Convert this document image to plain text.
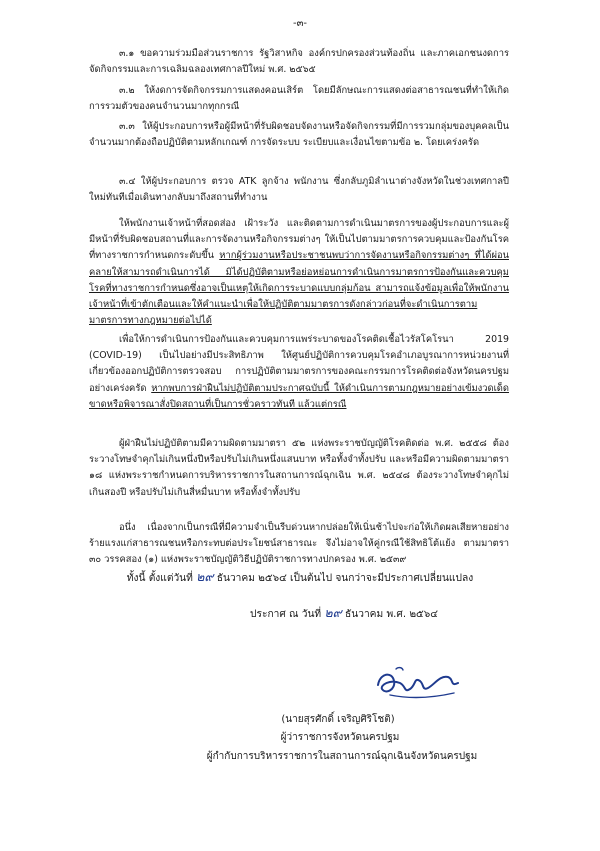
-๓-
๓.๑ ขอความร่วมมือส่วนราชการ รัฐวิสาหกิจ องค์กรปกครองส่วนท้องถิ่น และภาคเอกชนงดการจัดกิจกรรมและการเฉลิมฉลองเทศกาลปีใหม่ พ.ศ. ๒๕๖๕
๓.๒ ให้งดการจัดกิจกรรมการแสดงคอนเสิร์ต โดยมีลักษณะการแสดงต่อสาธารณชนที่ทำให้เกิดการรวมตัวของคนจำนวนมากทุกกรณี
๓.๓ ให้ผู้ประกอบการหรือผู้มีหน้าที่รับผิดชอบจัดงานหรือจัดกิจกรรมที่มีการรวมกลุ่มของบุคคลเป็นจำนวนมากต้องถือปฏิบัติตามหลักเกณฑ์ การจัดระบบ ระเบียบและเงื่อนไขตามข้อ ๒. โดยเคร่งครัด
๓.๔ ให้ผู้ประกอบการ ตรวจ ATK ลูกจ้าง พนักงาน ซึ่งกลับภูมิลำเนาต่างจังหวัดในช่วงเทศกาลปีใหม่ทันทีเมื่อเดินทางกลับมาถึงสถานที่ทำงาน
ให้พนักงานเจ้าหน้าที่สอดส่อง เฝ้าระวัง และติดตามการดำเนินมาตรการของผู้ประกอบการและผู้มีหน้าที่รับผิดชอบสถานที่และการจัดงานหรือกิจกรรมต่างๆ ให้เป็นไปตามมาตรการควบคุมและป้องกันโรคที่ทางราชการกำหนดกระดับขึ้น หากผู้ร่วมงานหรือประชาชนพบว่าการจัดงานหรือกิจกรรมต่างๆ ที่ได้ผ่อนคลายให้สามารถดำเนินการได้ มิได้ปฏิบัติตามหรือย่อหย่อนการดำเนินการมาตรการป้องกันและควบคุมโรคที่ทางราชการกำหนดซึ่งอาจเป็นเหตุให้เกิดการระบาดแบบกลุ่มก้อน สามารถแจ้งข้อมูลเพื่อให้พนักงานเจ้าหน้าที่เข้าตักเตือนและให้คำแนะนำเพื่อให้ปฏิบัติตามมาตรการดังกล่าวก่อนที่จะดำเนินการตามมาตรการทางกฎหมายต่อไปได้
เพื่อให้การดำเนินการป้องกันและควบคุมการแพร่ระบาดของโรคติดเชื้อไวรัสโคโรนา 2019 (COVID-19) เป็นไปอย่างมีประสิทธิภาพ ให้ศูนย์ปฏิบัติการควบคุมโรคอำเภอบูรณาการหน่วยงานที่เกี่ยวข้องออกปฏิบัติการตรวจสอบ การปฏิบัติตามมาตรการของคณะกรรมการโรคติดต่อจังหวัดนครปฐมอย่างเคร่งครัด หากพบการฝ่าฝืนไม่ปฏิบัติตามประกาศฉบับนี้ ให้ดำเนินการตามกฎหมายอย่างเข้มงวดเด็ดขาดหรือพิจารณาสั่งปิดสถานที่เป็นการชั่วคราวทันที แล้วแต่กรณี
ผู้ฝ่าฝืนไม่ปฏิบัติตามมีความผิดตามมาตรา ๕๒ แห่งพระราชบัญญัติโรคติดต่อ พ.ศ. ๒๕๕๘ ต้องระวางโทษจำคุกไม่เกินหนึ่งปีหรือปรับไม่เกินหนึ่งแสนบาท หรือทั้งจำทั้งปรับ และหรือมีความผิดตามมาตรา ๑๘ แห่งพระราชกำหนดการบริหารราชการในสถานการณ์ฉุกเฉิน พ.ศ. ๒๕๔๘ ต้องระวางโทษจำคุกไม่เกินสองปี หรือปรับไม่เกินสี่หมื่นบาท หรือทั้งจำทั้งปรับ
อนึ่ง เนื่องจากเป็นกรณีที่มีความจำเป็นรีบด่วนหากปล่อยให้เนิ่นช้าไปจะก่อให้เกิดผลเสียหายอย่างร้ายแรงแก่สาธารณชนหรือกระทบต่อประโยชน์สาธารณะ จึงไม่อาจให้คู่กรณีใช้สิทธิโต้แย้ง ตามมาตรา ๓๐ วรรคสอง (๑) แห่งพระราชบัญญัติวิธีปฏิบัติราชการทางปกครอง พ.ศ. ๒๕๓๙
ทั้งนี้ ตั้งแต่วันที่ ๒๙ ธันวาคม ๒๕๖๔ เป็นต้นไป จนกว่าจะมีประกาศเปลี่ยนแปลง
ประกาศ ณ วันที่ ๒๙ ธันวาคม พ.ศ. ๒๕๖๔
(นายสุรศักดิ์ เจริญศิริโชติ)
ผู้ว่าราชการจังหวัดนครปฐม
ผู้กำกับการบริหารราชการในสถานการณ์ฉุกเฉินจังหวัดนครปฐม
